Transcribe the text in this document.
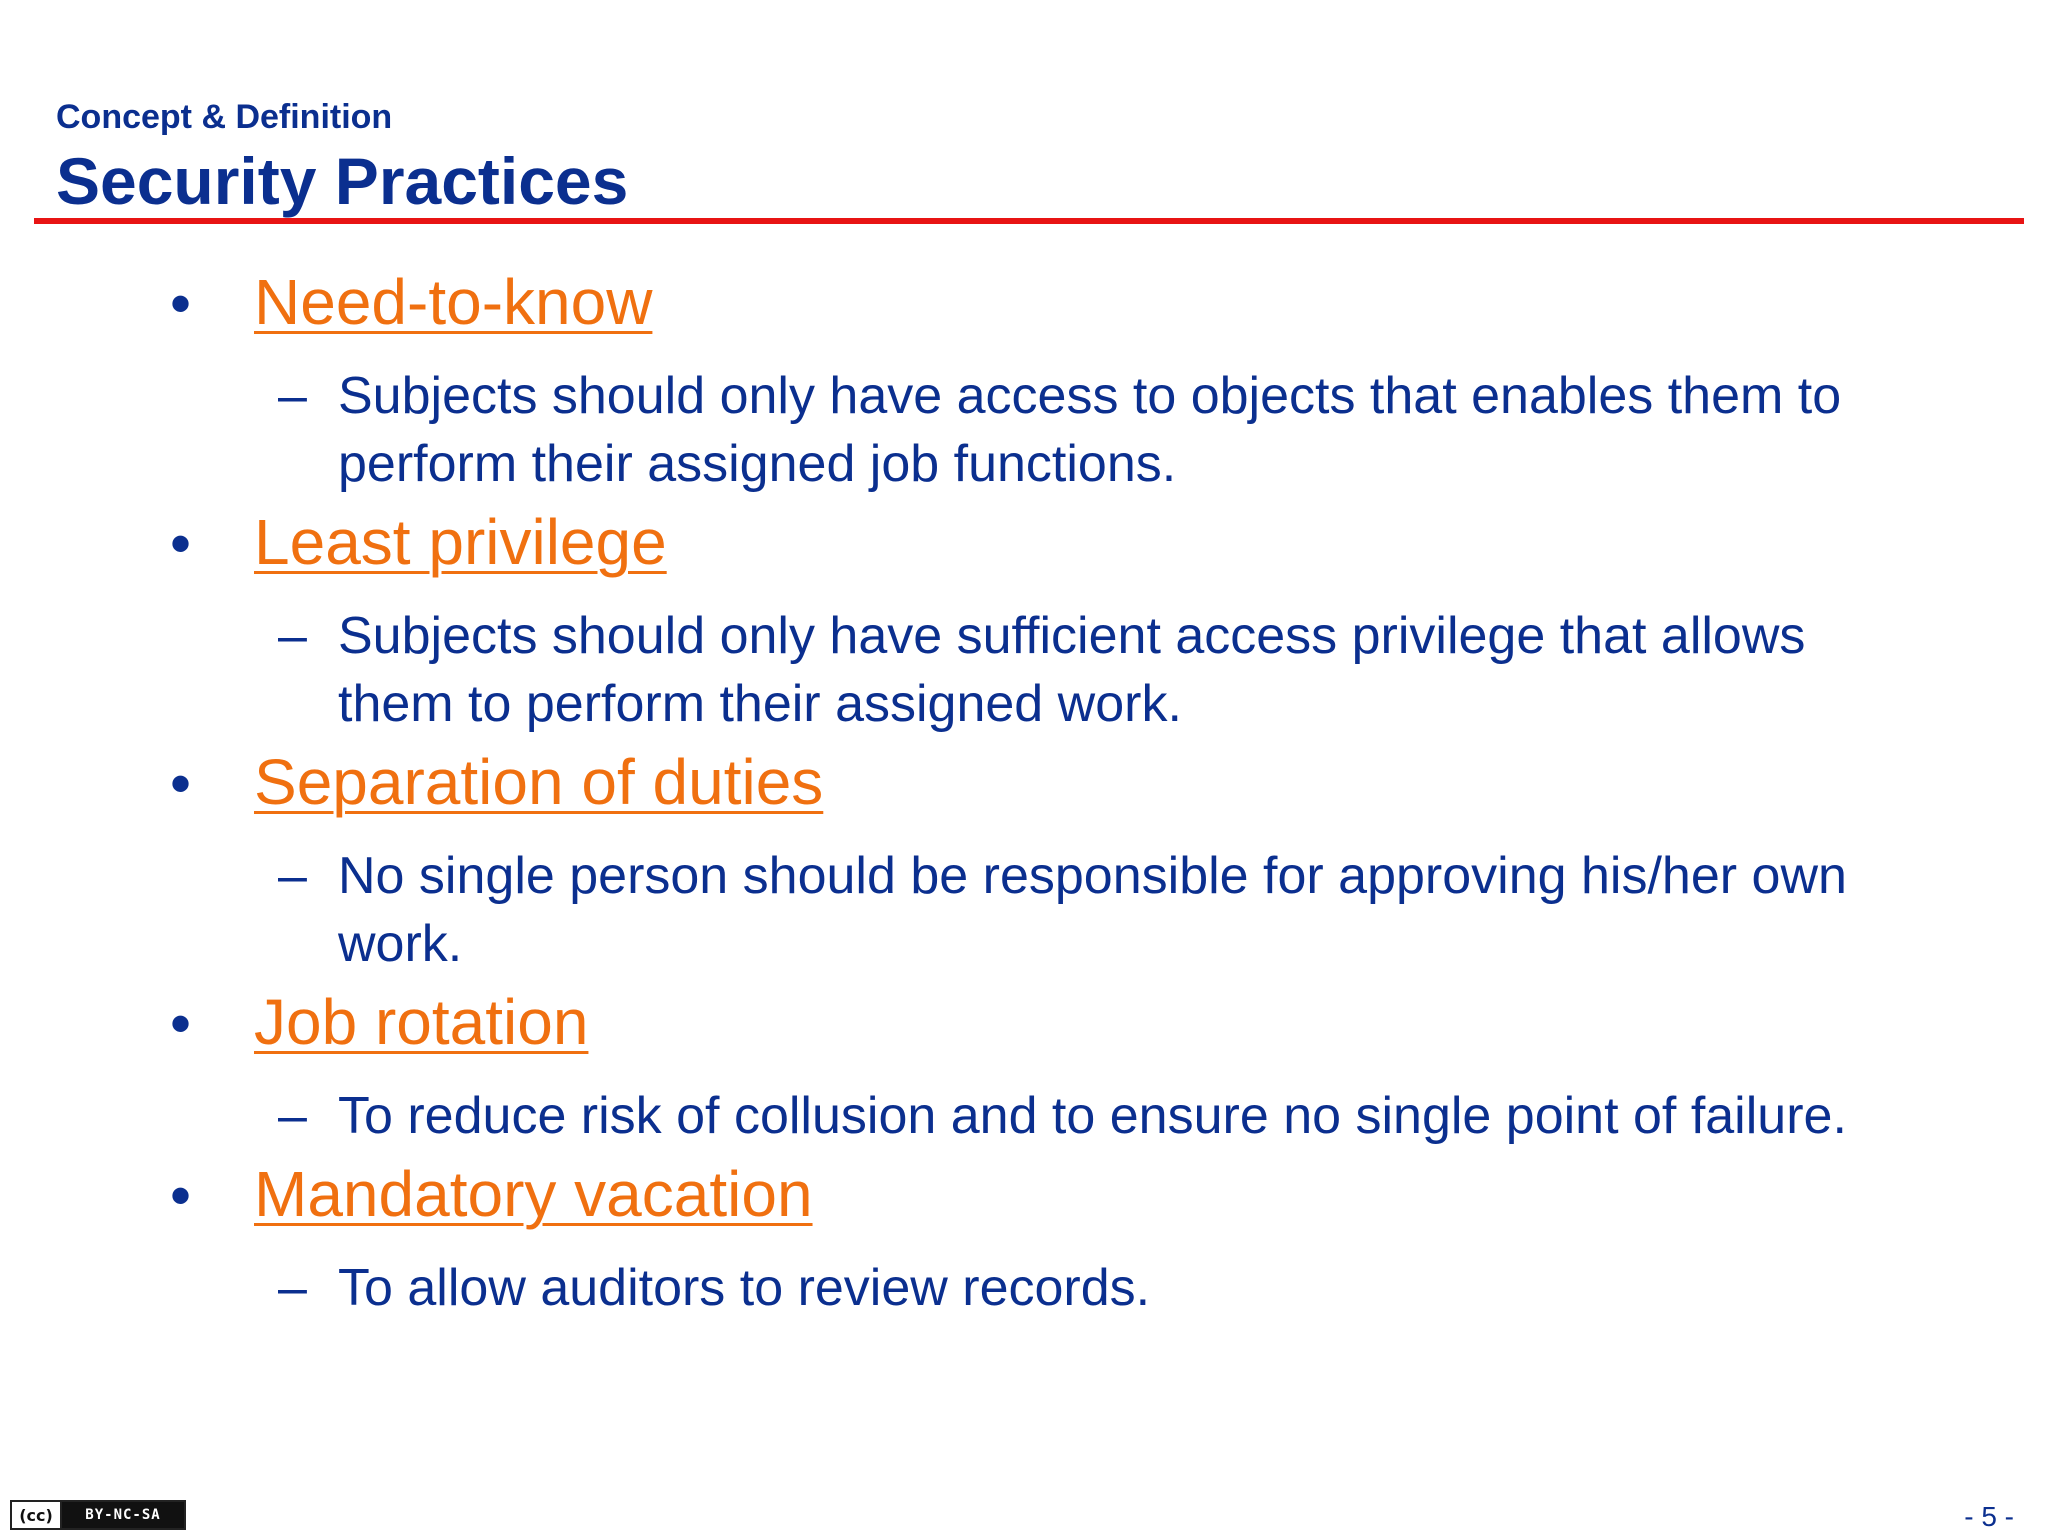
Concept & Definition
Security Practices
• Need-to-know
– Subjects should only have access to objects that enables them to perform their assigned job functions.
• Least privilege
– Subjects should only have sufficient access privilege that allows them to perform their assigned work.
• Separation of duties
– No single person should be responsible for approving his/her own work.
• Job rotation
– To reduce risk of collusion and to ensure no single point of failure.
• Mandatory vacation
– To allow auditors to review records.
(cc)	BY-NC-SA	- 5 -
